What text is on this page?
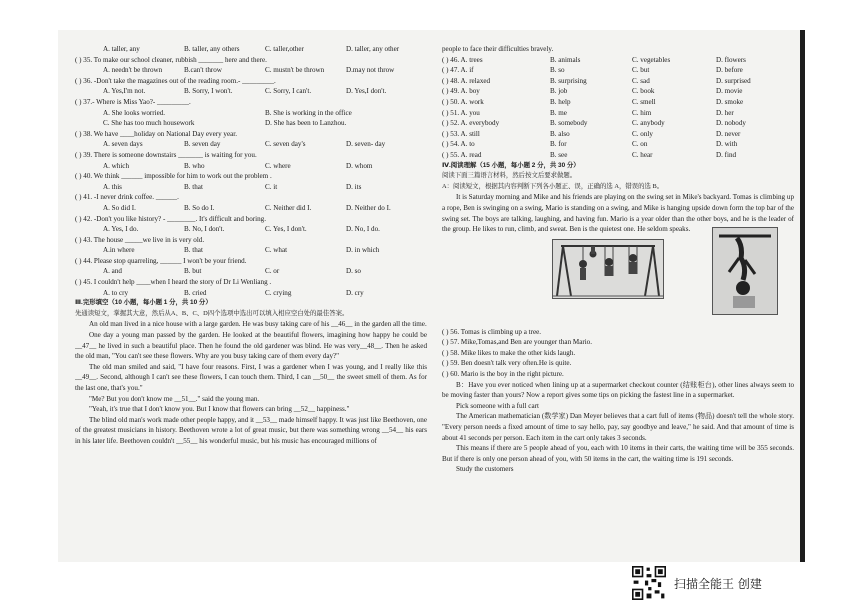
A. taller, any	B. taller, any others	C. taller,other	D. taller, any other
( ) 35. To make our school cleaner, rubbish _______ here and there.
A. needn't be thrown	B.can't throw	C. mustn't be thrown	D.may not throw
( ) 36. -Don't take the magazines out of the reading room.- _________.
A. Yes,I'm not.	B. Sorry, I won't.	C. Sorry, I can't.	D. Yes,I don't.
( ) 37.- Where is Miss Yao?- _________.
A. She looks worried.	B. She is working in the office
C. She has too much housework	D. She has been to Lanzhou.
( ) 38. We have ____holiday on National Day every year.
A. seven days	B. seven day	C. seven day's	D. seven- day
( ) 39. There is someone downstairs _______ is waiting for you.
A. which	B. who	C. where	D. whom
( ) 40. We think ______ impossible for him to work out the problem .
A. this	B. that	C. it	D. its
( ) 41. -I never drink coffee. ______.
A. So did I.	B. So do I.	C. Neither did I.	D. Neither do I.
( ) 42. -Don't you like history? - ________. It's difficult and boring.
A. Yes, I do.	B. No, I don't.	C. Yes, I don't.	D. No, I do.
( ) 43. The house _____we live in is very old.
A.in where	B. that	C. what	D. in which
( ) 44. Please stop quarreling, ______ I won't be your friend.
A. and	B. but	C. or	D. so
( ) 45. I couldn't help ____when I heard the story of Dr Li Wenliang .
A. to cry	B. cried	C. crying	D. cry
Ⅲ.完形填空（10 小题，每小题 1 分，共 10 分）
先通读短文，掌握其大意，然后从A、B、C、D四个选项中选出可以填入相应空白处的最佳答案。
An old man lived in a nice house with a large garden. He was busy taking care of his __46__ in the garden all the time.
One day a young man passed by the garden. He looked at the beautiful flowers, imagining how happy he could be __47__ he lived in such a beautiful place. Then he found the old gardener was blind. He was very__48__. Then he asked the old man, "You can't see these flowers. Why are you busy taking care of them every day?"
The old man smiled and said, "I have four reasons. First, I was a gardener when I was young, and I really like this __49__. Second, although I can't see these flowers, I can touch them. Third, I can __50__ the sweet smell of them. As for the last one, that's you."
"Me? But you don't know me __51__." said the young man.
"Yeah, it's true that I don't know you. But I know that flowers can bring __52__ happiness."
The blind old man's work made other people happy, and it __53__ made himself happy. It was just like Beethoven, one of the greatest musicians in history. Beethoven wrote a lot of great music, but there was something wrong __54__ his ears in his later life. Beethoven couldn't __55__ his wonderful music, but his music has encouraged millions of
people to face their difficulties bravely.
( ) 46. A. trees	B. animals	C. vegetables	D. flowers
( ) 47. A. if	B. so	C. but	D. before
( ) 48. A. relaxed	B. surprising	C. sad	D. surprised
( ) 49. A. boy	B. job	C. book	D. movie
( ) 50. A. work	B. help	C. smell	D. smoke
( ) 51. A. you	B. me	C. him	D. her
( ) 52. A. everybody	B. somebody	C. anybody	D. nobody
( ) 53. A. still	B. also	C. only	D. never
( ) 54. A. to	B. for	C. on	D. with
( ) 55. A. read	B. see	C. hear	D. find
Ⅳ.阅读理解（15 小题，每小题 2 分，共 30 分）
阅读下面三篇语言材料，然后按文后要求做题。
A：阅读短文，根据其内容判断下列各小题正、误，正确的选 A，错误的选 B。
It is Saturday morning and Mike and his friends are playing on the swing set in Mike's backyard. Tomas is climbing up a rope, Ben is swinging on a swing, Mario is standing on a swing, and Mike is hanging upside down form the top bar of the swing set. The boys are talking, laughing, and having fun. Mario is a year older than the other boys, and he is the leader of the group. He likes to run, climb, and sweat. Ben is the quietest one. He seldom speaks.
( ) 56. Tomas is climbing up a tree.
( ) 57. Mike,Tomas,and Ben are younger than Mario.
( ) 58. Mike likes to make the other kids laugh.
( ) 59. Ben doesn't talk very often.He is quite.
( ) 60. Mario is the boy in the right picture.
B：Have you ever noticed when lining up at a supermarket checkout counter (结账柜台), other lines always seem to be moving faster than yours? Now a report gives some tips on picking the fastest line in a supermarket.
Pick someone with a full cart
The American mathematician (数学家) Dan Meyer believes that a cart full of items (物品) doesn't tell the whole story. "Every person needs a fixed amount of time to say hello, pay, say goodbye and leave," he said. And that amount of time is about 41 seconds per person. Each item in the cart only takes 3 seconds.
This means if there are 5 people ahead of you, each with 10 items in their carts, the waiting time will be 355 seconds. But if there is only one person ahead of you, with 50 items in the cart, the waiting time is 191 seconds.
Study the customers
扫描全能王 创建
